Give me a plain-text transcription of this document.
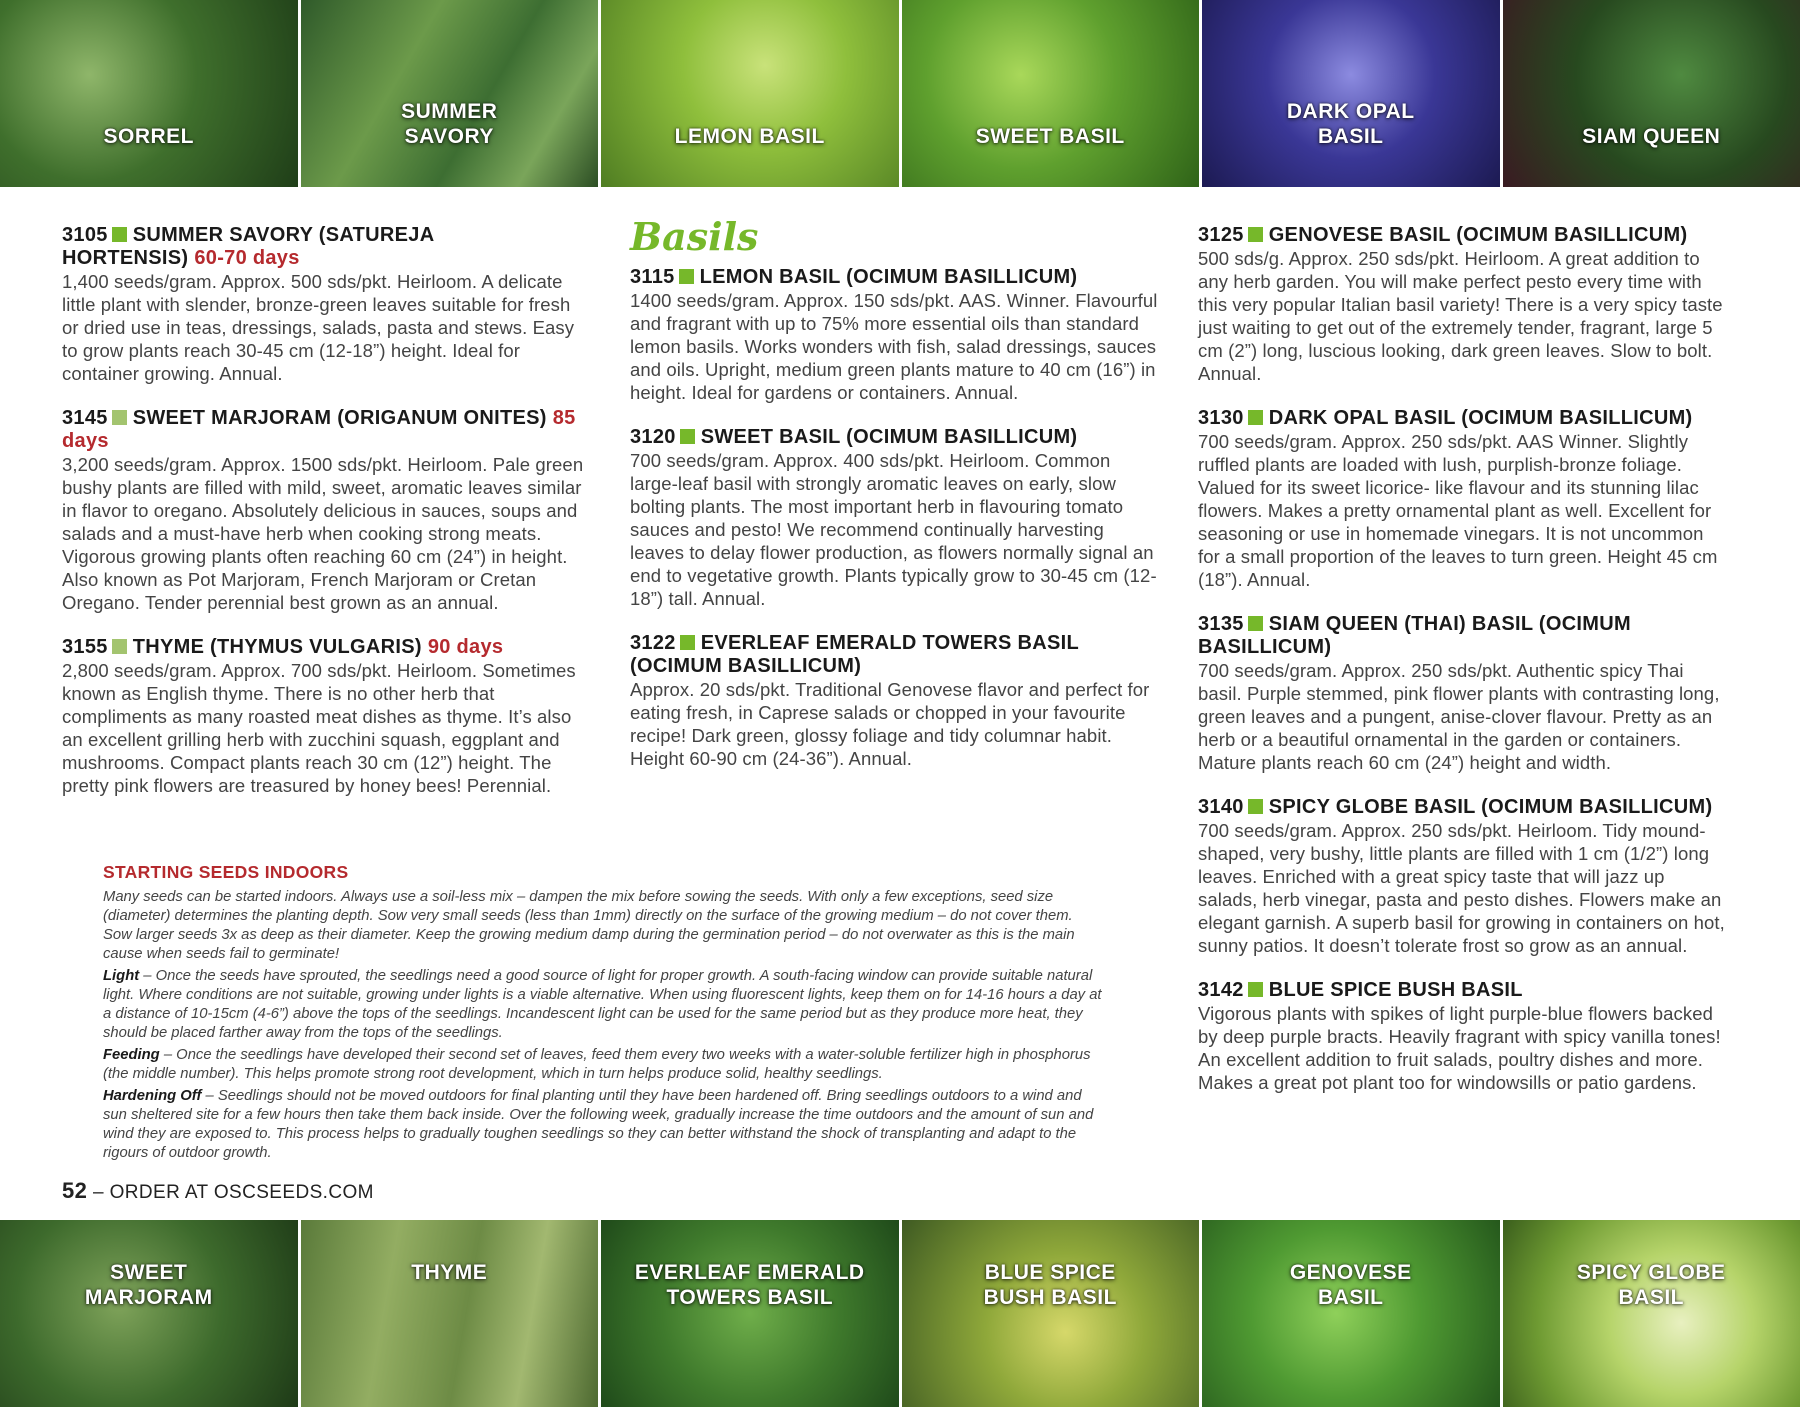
SORREL
SUMMER
SAVORY	LEMON BASIL	SWEET BASIL
DARK OPAL
BASIL	SIAM QUEEN
3105 SUMMER SAVORY (SATUREJA HORTENSIS) 60-70 days

1,400 seeds/gram. Approx. 500 sds/pkt. Heirloom. A delicate little plant with slender, bronze-green leaves suitable for fresh or dried use in teas, dressings, salads, pasta and stews. Easy to grow plants reach 30-45 cm (12-18”) height. Ideal for container growing. Annual.

3145 SWEET MARJORAM (ORIGANUM ONITES) 85 days

3,200 seeds/gram. Approx. 1500 sds/pkt. Heirloom. Pale green bushy plants are filled with mild, sweet, aromatic leaves similar in flavor to oregano. Absolutely delicious in sauces, soups and salads and a must-have herb when cooking strong meats. Vigorous growing plants often reaching 60 cm (24”) in height. Also known as Pot Marjoram, French Marjoram or Cretan Oregano. Tender perennial best grown as an annual.

3155 THYME (THYMUS VULGARIS) 90 days

2,800 seeds/gram. Approx. 700 sds/pkt. Heirloom. Sometimes known as English thyme. There is no other herb that compliments as many roasted meat dishes as thyme. It’s also an excellent grilling herb with zucchini squash, eggplant and mushrooms. Compact plants reach 30 cm (12”) height. The pretty pink flowers are treasured by honey bees! Perennial.

Basils
3115 LEMON BASIL (OCIMUM BASILLICUM)

1400 seeds/gram. Approx. 150 sds/pkt. AAS. Winner. Flavourful and fragrant with up to 75% more essential oils than standard lemon basils. Works wonders with fish, salad dressings, sauces and oils. Upright, medium green plants mature to 40 cm (16”) in height. Ideal for gardens or containers. Annual.

3120 SWEET BASIL (OCIMUM BASILLICUM)

700 seeds/gram. Approx. 400 sds/pkt. Heirloom. Common large-leaf basil with strongly aromatic leaves on early, slow bolting plants. The most important herb in flavouring tomato sauces and pesto! We recommend continually harvesting leaves to delay flower production, as flowers normally signal an end to vegetative growth. Plants typically grow to 30-45 cm (12-18”) tall. Annual.

3122 EVERLEAF EMERALD TOWERS BASIL (OCIMUM BASILLICUM)

Approx. 20 sds/pkt. Traditional Genovese flavor and perfect for eating fresh, in Caprese salads or chopped in your favourite recipe! Dark green, glossy foliage and tidy columnar habit. Height 60-90 cm (24-36”). Annual.

3125 GENOVESE BASIL (OCIMUM BASILLICUM)

500 sds/g. Approx. 250 sds/pkt. Heirloom. A great addition to any herb garden. You will make perfect pesto every time with this very popular Italian basil variety! There is a very spicy taste just waiting to get out of the extremely tender, fragrant, large 5 cm (2”) long, luscious looking, dark green leaves. Slow to bolt. Annual.

3130 DARK OPAL BASIL (OCIMUM BASILLICUM)

700 seeds/gram. Approx. 250 sds/pkt. AAS Winner. Slightly ruffled plants are loaded with lush, purplish-bronze foliage. Valued for its sweet licorice- like flavour and its stunning lilac flowers. Makes a pretty ornamental plant as well. Excellent for seasoning or use in homemade vinegars. It is not uncommon for a small proportion of the leaves to turn green. Height 45 cm (18”). Annual.

3135 SIAM QUEEN (THAI) BASIL (OCIMUM BASILLICUM)

700 seeds/gram. Approx. 250 sds/pkt. Authentic spicy Thai basil. Purple stemmed, pink flower plants with contrasting long, green leaves and a pungent, anise-clover flavour. Pretty as an herb or a beautiful ornamental in the garden or containers. Mature plants reach 60 cm (24”) height and width.

3140 SPICY GLOBE BASIL (OCIMUM BASILLICUM)

700 seeds/gram. Approx. 250 sds/pkt. Heirloom. Tidy mound-shaped, very bushy, little plants are filled with 1 cm (1/2”) long leaves. Enriched with a great spicy taste that will jazz up salads, herb vinegar, pasta and pesto dishes. Flowers make an elegant garnish. A superb basil for growing in containers on hot, sunny patios. It doesn’t tolerate frost so grow as an annual.

3142 BLUE SPICE BUSH BASIL

Vigorous plants with spikes of light purple-blue flowers backed by deep purple bracts. Heavily fragrant with spicy vanilla tones! An excellent addition to fruit salads, poultry dishes and more. Makes a great pot plant too for windowsills or patio gardens.

STARTING SEEDS INDOORS

Many seeds can be started indoors. Always use a soil-less mix – dampen the mix before sowing the seeds. With only a few exceptions, seed size (diameter) determines the planting depth. Sow very small seeds (less than 1mm) directly on the surface of the growing medium – do not cover them. Sow larger seeds 3x as deep as their diameter. Keep the growing medium damp during the germination period – do not overwater as this is the main cause when seeds fail to germinate!

Light – Once the seeds have sprouted, the seedlings need a good source of light for proper growth. A south-facing window can provide suitable natural light. Where conditions are not suitable, growing under lights is a viable alternative. When using fluorescent lights, keep them on for 14-16 hours a day at a distance of 10-15cm (4-6”) above the tops of the seedlings. Incandescent light can be used for the same period but as they produce more heat, they should be placed farther away from the tops of the seedlings.

Feeding – Once the seedlings have developed their second set of leaves, feed them every two weeks with a water-soluble fertilizer high in phosphorus (the middle number). This helps promote strong root development, which in turn helps produce solid, healthy seedlings.

Hardening Off – Seedlings should not be moved outdoors for final planting until they have been hardened off. Bring seedlings outdoors to a wind and sun sheltered site for a few hours then take them back inside. Over the following week, gradually increase the time outdoors and the amount of sun and wind they are exposed to. This process helps to gradually toughen seedlings so they can better withstand the shock of transplanting and adapt to the rigours of outdoor growth.

52 – ORDER AT OSCSEEDS.COM
SWEET
MARJORAM
THYME	EVERLEAF EMERALD
TOWERS BASIL
BLUE SPICE
BUSH BASIL
GENOVESE
BASIL
SPICY GLOBE
BASIL
